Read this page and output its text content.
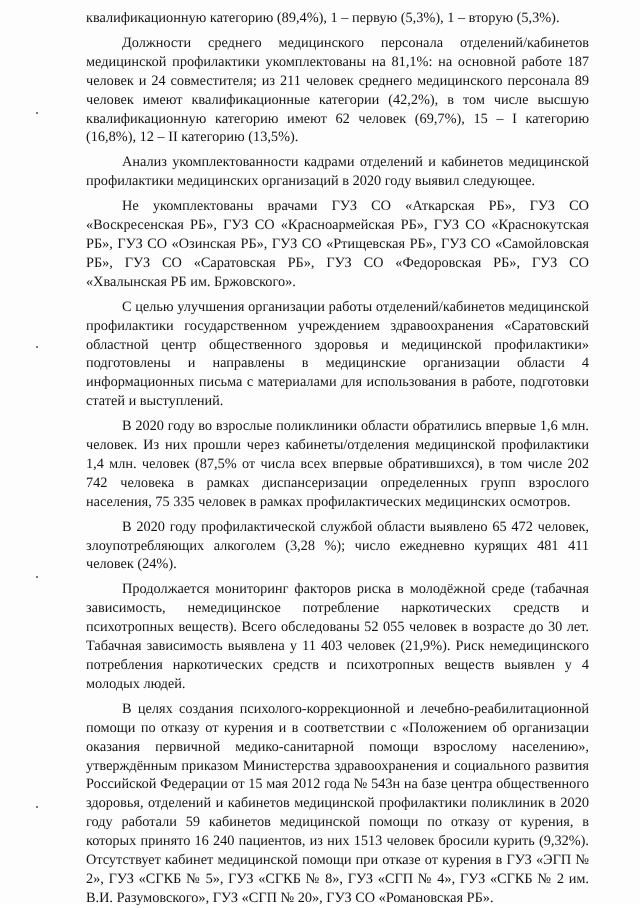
квалификационную категорию (89,4%), 1 – первую (5,3%), 1 – вторую (5,3%).

Должности среднего медицинского персонала отделений/кабинетов медицинской профилактики укомплектованы на 81,1%: на основной работе 187 человек и 24 совместителя; из 211 человек среднего медицинского персонала 89 человек имеют квалификационные категории (42,2%), в том числе высшую квалификационную категорию имеют 62 человек (69,7%), 15 – I категорию (16,8%), 12 – II категорию (13,5%).

Анализ укомплектованности кадрами отделений и кабинетов медицинской профилактики медицинских организаций в 2020 году выявил следующее.

Не укомплектованы врачами ГУЗ СО «Аткарская РБ», ГУЗ СО «Воскресенская РБ», ГУЗ СО «Красноармейская РБ», ГУЗ СО «Краснокутская РБ», ГУЗ СО «Озинская РБ», ГУЗ СО «Ртищевская РБ», ГУЗ СО «Самойловская РБ», ГУЗ СО «Саратовская РБ», ГУЗ СО «Федоровская РБ», ГУЗ СО «Хвалынская РБ им. Бржовского».

С целью улучшения организации работы отделений/кабинетов медицинской профилактики государственном учреждением здравоохранения «Саратовский областной центр общественного здоровья и медицинской профилактики» подготовлены и направлены в медицинские организации области 4 информационных письма с материалами для использования в работе, подготовки статей и выступлений.

В 2020 году во взрослые поликлиники области обратились впервые 1,6 млн. человек. Из них прошли через кабинеты/отделения медицинской профилактики 1,4 млн. человек (87,5% от числа всех впервые обратившихся), в том числе 202 742 человека в рамках диспансеризации определенных групп взрослого населения, 75 335 человек в рамках профилактических медицинских осмотров.

В 2020 году профилактической службой области выявлено 65 472 человек, злоупотребляющих алкоголем (3,28 %); число ежедневно курящих 481 411 человек (24%).

Продолжается мониторинг факторов риска в молодёжной среде (табачная зависимость, немедицинское потребление наркотических средств и психотропных веществ). Всего обследованы 52 055 человек в возрасте до 30 лет. Табачная зависимость выявлена у 11 403 человек (21,9%). Риск немедицинского потребления наркотических средств и психотропных веществ выявлен у 4 молодых людей.

В целях создания психолого-коррекционной и лечебно-реабилитационной помощи по отказу от курения и в соответствии с «Положением об организации оказания первичной медико-санитарной помощи взрослому населению», утверждённым приказом Министерства здравоохранения и социального развития Российской Федерации от 15 мая 2012 года № 543н на базе центра общественного здоровья, отделений и кабинетов медицинской профилактики поликлиник в 2020 году работали 59 кабинетов медицинской помощи по отказу от курения, в которых принято 16 240 пациентов, из них 1513 человек бросили курить (9,32%). Отсутствует кабинет медицинской помощи при отказе от курения в ГУЗ «ЭГП № 2», ГУЗ «СГКБ № 5», ГУЗ «СГКБ № 8», ГУЗ «СГП № 4», ГУЗ «СГКБ № 2 им. В.И. Разумовского», ГУЗ «СГП № 20», ГУЗ СО «Романовская РБ».
